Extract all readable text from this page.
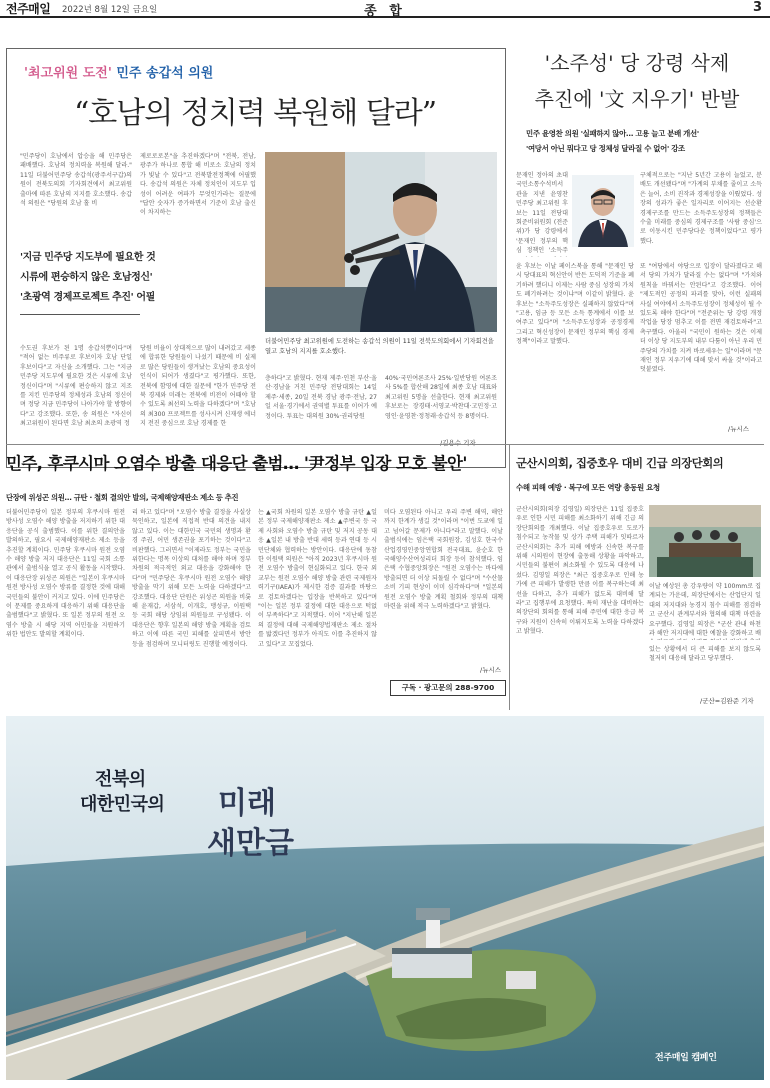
전주매일 2022년 8월 12일 금요일	종 합	3
'최고위원 도전' 민주 송갑석 의원
“호남의 정치력 복원해 달라”
"민주당이 호남에서 압승을 해 민주당은 패배했다. 호남의 정치력을 복원해 달라." 11일 더불어민주당 송갑석(광주서구갑)의원이 전북도의회 기자회견에서 최고위원 출마에 따른 호남의 지지를 호소했다. 송갑석 의원은 "당원의 호남 홀 비
제로로로본"을 추진하겠다"며 "전북, 전남, 광주가 하나로 통합 해 비로소 호남의 정치가 빛날 수 있다"고 전북발전정책에 어필했다. 송갑석 의원은 자체 정치인이 지도부 입성이 어려운 여파가 무엇인가라는 질문에 "답안 숫자가 증가하면서 기준이 호남 출신이 차지하는
'지금 민주당 지도부에 필요한 것
시류에 편승하지 않은 호남정신'
'초광역 경제프로젝트 추진' 어필
더불어민주당 최고위원에 도전하는 송갑석 의원이 11일 전북도의회에서 기자회견을 열고 호남의 지지를 호소했다.
수도권 후보가 된 1명 송갑석뿐이다"며 "적어 없는 비주류로 후보이자 호남 단일후보이다"고 자신을 소개했다. 그는 "지금 민주당 지도부에 필요한 것은 시류에 호남정신이다"며 "시류에 편승하지 않고 지조를 지킨 민주당의 정체성과 호남의 정신이며 정당 지금 민주당이 나아가야 할 방향이다"고 강조했다. 또한, 송 의원은 "자신이 최고위원이 된다면 호남 최초의 초광역 정
당원 비율이 상대적으로 많이 내려갔고 세종에 합류한 당원들이 나섰기 때문에 비 실제로 많은 당원들이 생겨났는 호남의 중요성이 인식이 되어가 생겼다"고 평가했다. 또한, 전북에 함영에 대한 질문에 "한가 민주당 전북 경제와 미래는 전북에 비전이 어때야 할 수 있도록 최선의 노력을 다하겠다"며 "호남의 최300 프로젝트를 성사시켜 신재생 에너지 전진 중심으로 호남 경제를 한
층하다"고 밝혔다. 현재 제주·인천 부산·울산·경남을 거친 민주당 전당대회는 14일 제주·세종, 20일 전북 경남 광주·전남, 27일 서울·경기에서 권역별 투표를 이어가 예정이다. 투표는 대의원 30%·권리당원
40%·국민여론조사 25%·일반당원 여론조사 5%를 합산해 28일에 최종 호남 대표와 최고위원 5명을 선출한다. 현재 최고위원 후보로는 장경태·서영교·박찬대·고민정·고영인·윤영찬·정청래·송갑석 등 8명이다.
/김용수 기자
'소주성' 당 강령 삭제
추진에 '文 지우기' 반발
민주 윤영찬 의원 '실패하지 않아… 고용 늘고 분배 개선'
'여당서 아닌 뭐다고 당 정체성 달라질 수 없어' 강조
문재인 정아의 초대 국민소통수석비서관을 지낸 윤영찬 민주당 최고위원 후보는 11일 전당대회준비위원회 (전준위)가 당 강령에서 '문재인 정부의 핵심 정책인 '소득주
구체적으로는 "지난 5년간 고용이 늘었고, 분배도 개선됐다"며 "가계의 부채를 줄이고 소득은 늘어, 소비 진작과 경제성장을 이뤘었다. 성장의 성과가 좋은 일자리로 이어지는 선순환 경제구조를 만드는 소득주도성장의 정책들은 수출 미래를 중심의 경제구조를 '사람 중심'으로 이동시킨 민주당다운 정책이었다"고 평가했다.
윤 후보는 이날 페이스북을 통해 "문재인 당시 당대표의 혁신안이 반든 도덕적 기준을 폐기하려 했더니 이제는 사람 중심 성장의 가치도 폐기하려는 것이냐"며 이같이 밝혔다. 윤 후보는 "소득주도성장은 실패하지 않았다"며 "고용, 임금 등 모든 소득 통계에서 이를 보여주고 있다"며 "소득주도성장과 공정경제 그리고 혁신성장이 문재인 정부의 핵심 경제 정책"이라고 말했다.
또 "여당에서 야당으로 입장이 달라졌다고 해서 당의 가치가 달라질 수는 없다"며 "가치와 원칙을 바꿔서는 안된다"고 강조했다. 이어 "제도적인 공정의 파괴를 맞아, 이런 실패의 사실 여야에서 소득주도성장이 정체성이 될 수 있도록 해야 한다"며 "전준위는 당 강령 개정 작업을 당장 멈추고 이를 전면 재검토하라"고 촉구했다. 아울러 "국민이 원하는 것은 이제 더 이상 당 지도부의 내부 다툼이 아닌 우리 민주당의 가치를 지켜 바로세우는 일"이라며 "문재인 정부 지우기에 대해 맞서 싸울 것"이라고 덧붙였다.
/뉴시스
민주, 후쿠시마 오염수 방출 대응단 출범… '尹정부 입장 모호 불안'
단장에 위성곤 의원… 규탄 · 철회 결의안 발의, 국제해양재판소 제소 등 추진
더불어민주당이 일본 정부의 후쿠시마 원전 방사성 오염수 해양 방출을 저지하기 위한 대응단을 공식 출범했다. 이를 위한 결의안을 발의하고, 필요시 국제해양재판소 제소 등을 추진할 계획이다. 민주당 후쿠시마 원전 오염수 해양 방출 저지 대응단은 11일 국회 소통관에서 출범식을 열고 공식 활동을 시작했다. 이 대응단장 위성곤 의원은 "일본이 후쿠시마 원전 방사성 오염수 방류를 결정한 것에 대해 국민들의 불안이 커지고 있다. 이에 민주당은 이 문제를 중요하게 대응하기 위해 대응단을 출범했다"고 밝혔다. 또 일본 정부의 원전 오염수 방출 시 해당 지역 어민들을 지원하기 위한 법안도 발의할 계획이다.
리 하고 있다"며 "오염수 방출 결정을 사실상 묵인하고, 일본에 직접적 반대 의견을 내지 않고 있다. 이는 대한민국 국민의 생명과 환경 주권, 어민 생존권을 포기하는 것이다"고 비판했다. 그러면서 "이제라도 정부는 국민을 위한다는 명목 이상의 대처를 해야 하며 정부 차원의 적극적인 외교 대응을 강화해야 한다"며 "민주당은 후쿠시마 원전 오염수 해양 방출을 막기 위해 모든 노력을 다하겠다"고 강조했다. 대응단 단원은 위성곤 의원을 비롯해 윤재갑, 서삼석, 이개호, 맹성규, 이원택 등 국회 해당 상임위 의원들로 구성됐다. 이 대응단은 향후 일본의 해양 방출 계획을 검토하고 이에 따른 국민 피해를 살피면서 방안 등을 점검하며 모니터링도 진행할 예정이다.
는 ▲국회 차원의 일본 오염수 방출 규탄 ▲일본 정부 국제해양재판소 제소 ▲주변국 등 국제 사회와 오염수 방출 규탄 및 저지 공동 대응 ▲일본 내 방출 반대 세력 등과 연대 등 시민단체와 협력하는 방안이다. 대응단에 동참한 이원택 의원은 "아직 2023년 후쿠시마 원전 오염수 방출이 현실화되고 있다. 한국 외교부는 원전 오염수 해양 방출 관련 국제원자력기구(IAEA)가 제시한 검증 결과를 바탕으로 검토하겠다는 입장을 반복하고 있다"며 "이는 일본 정부 결정에 대한 대응으로 턱없이 부족하다"고 지적했다. 이어 "지난해 일본의 결정에 대해 국제해양법재판소 제소 절차를 밟겠다던 정부가 아직도 이를 추진하지 않고 있다"고 꼬집었다.
미다 오염된다 아니고 우리 주변 해역, 해안까지 한계가 생길 것"이라며 "이번 도쿄에 일고 넘어갈 문제가 아니다"라고 말했다. 이날 출범식에는 임은택 국회원장, 김성호 한국수산업경영인중앙연합회 전국대표, 윤순호 한국해양수산여성리더 회장 등이 참석했다. 임은택 수협중앙회장은 "원전 오염수는 바다에 방출되면 더 이상 되돌릴 수 없다"며 "수산물 소비 기피 현상이 이미 심각하다"며 "일본의 원전 오염수 방출 계획 철회와 정부의 대책 마련을 위해 적극 노력하겠다"고 밝혔다.
/뉴시스
구독 · 광고문의 288-9700
군산시의회, 집중호우 대비 긴급 의장단회의
수해 피해 예방 · 복구에 모든 역량 총동원 요청
군산시의회(의장 김영일) 의장단은 11일 집중호우로 인한 시민 피해를 최소화하기 위해 긴급 의장단회의를 개최했다. 이날 집중호우로 도로가 침수되고 농작물 및 상가 주택 피해가 잇따르자 군산시의회는 추가 피해 예방과 신속한 복구를 위해 시의원이 현장에 출동해 상황을 파악하고, 시민들의 불편이 최소화될 수 있도록 대응에 나섰다. 김영일 의장은 "최근 집중호우로 인해 농가에 큰 피해가 발생한 만큼 이를 복구하는데 최선을 다하고, 추가 피해가 없도록 대비해 달라"고 집행부에 요청했다. 특히 재난을 대비하는 의장단의 회의를 통해 피해 주민에 대한 응급 복구와 지원이 신속히 이뤄지도록 노력을 다하겠다고 밝혔다.
이날 예상된 총 강우량이 약 100mm로 집계되는 가운데, 의장단에서는 산업단지 일대의 저지대와 농경지 침수 피해를 점검하고 군산시 관계부서와 협의해 대책 마련을 요구했다. 김영일 의장은 "군산 관내 하천과 해안 저지대에 대한 예찰을 강화하고 배
있는 상황에서 더 큰 피해를 보지 않도록 철저히 대응해 달라고 당부했다.
/군산=김완준 기자
전북의
대한민국의 미래
새만금
전주매일 캠페인
